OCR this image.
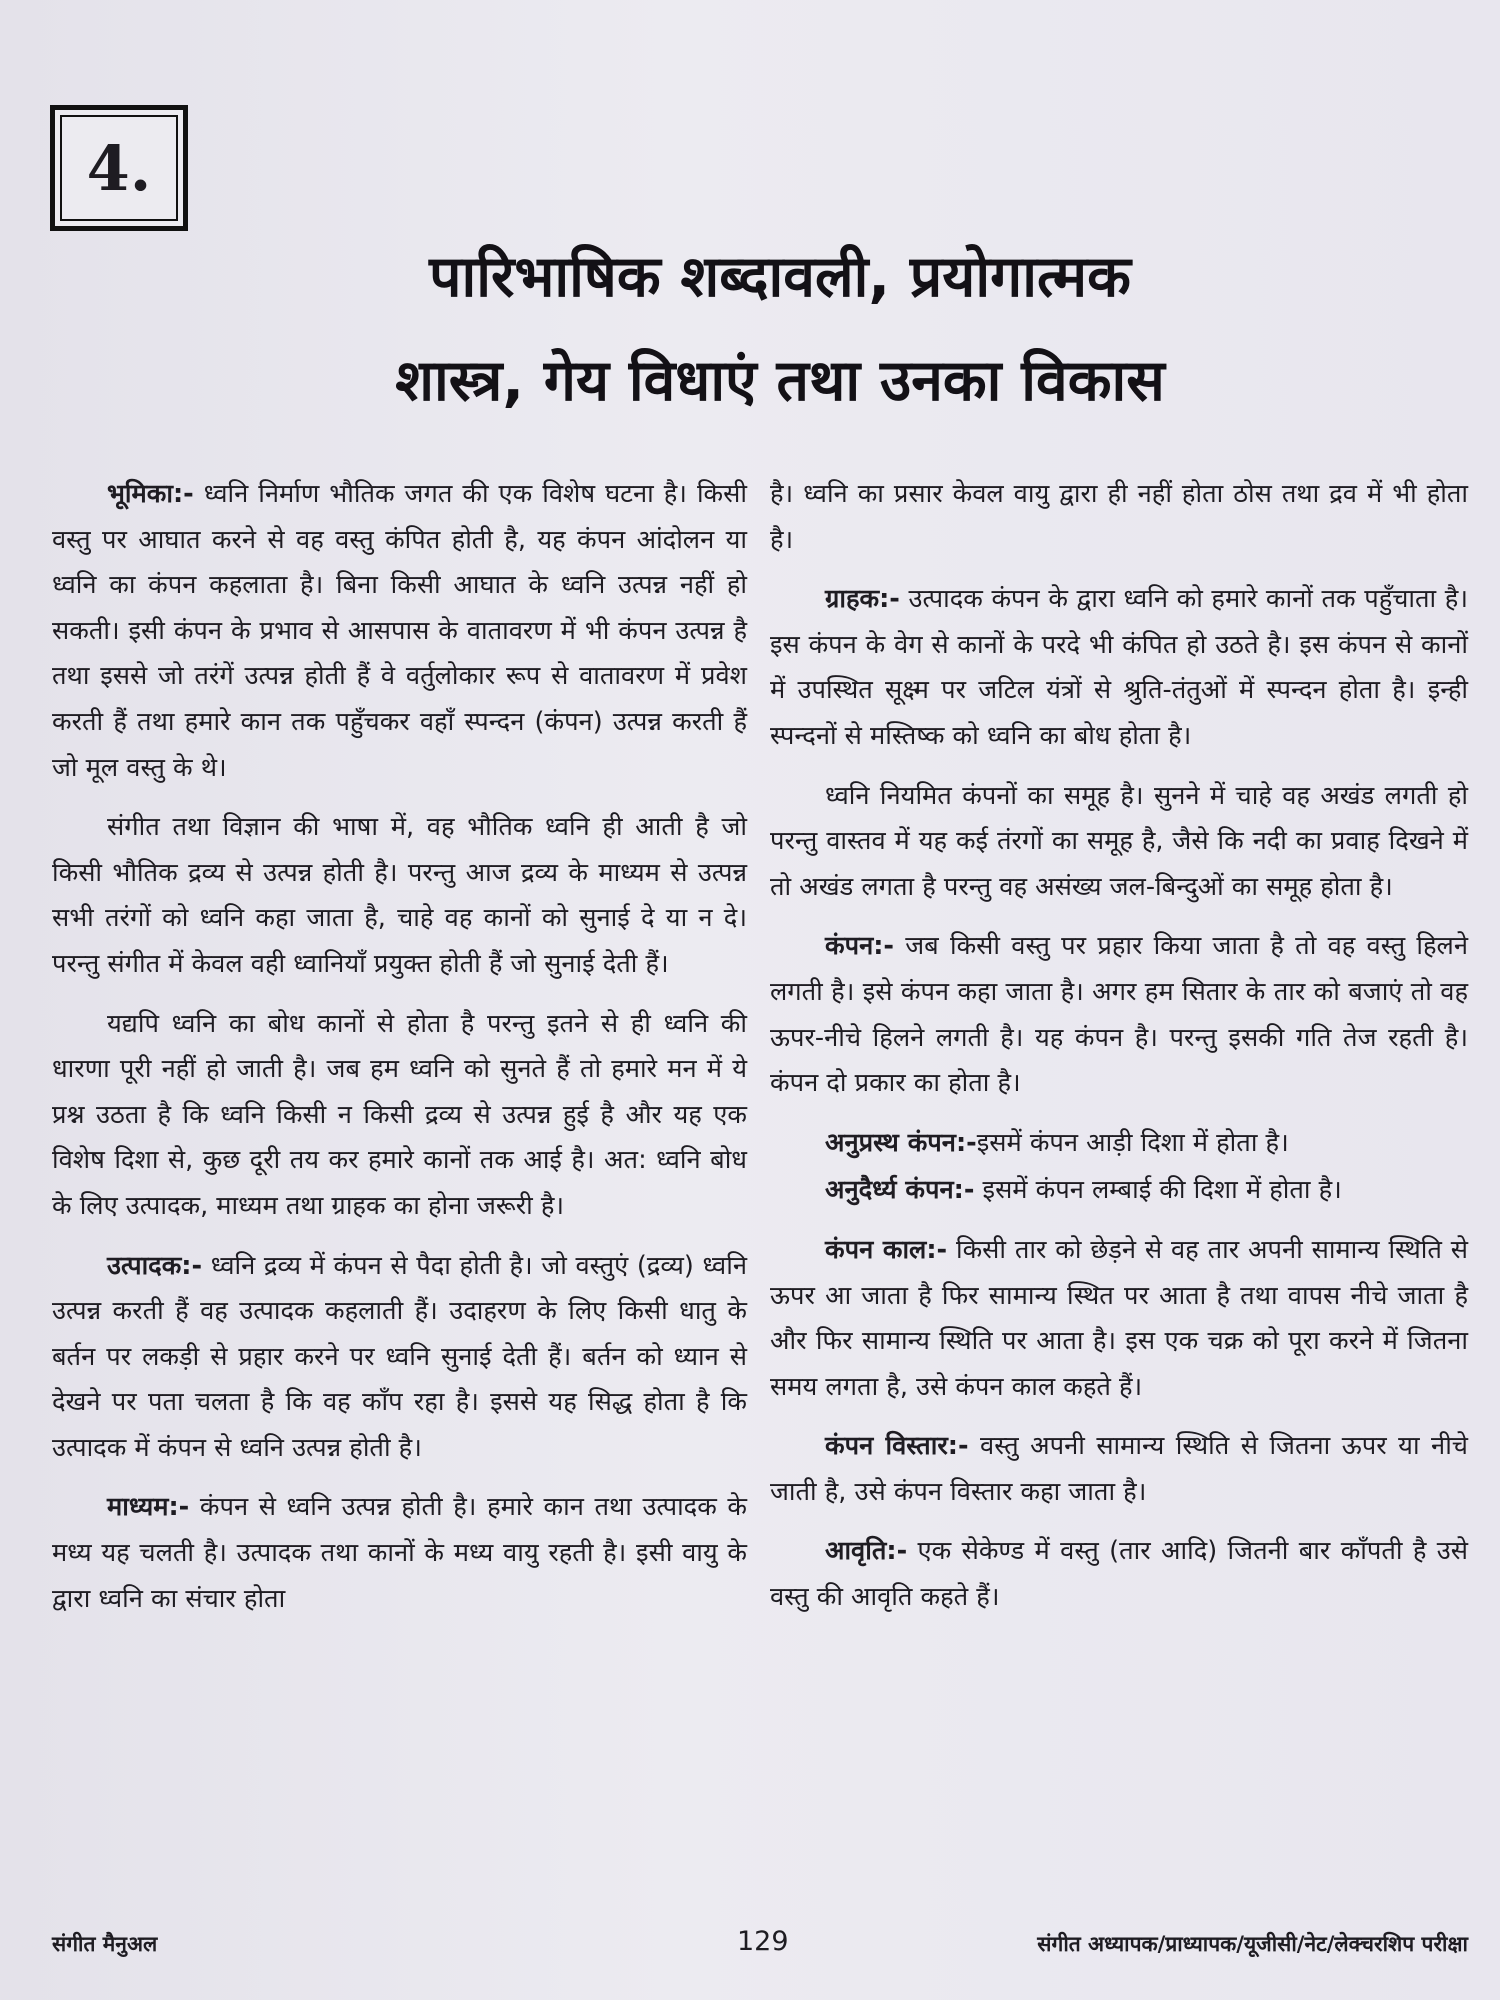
4.
पारिभाषिक शब्दावली, प्रयोगात्मक
शास्त्र, गेय विधाएं तथा उनका विकास

भूमिका:- ध्वनि निर्माण भौतिक जगत की एक विशेष घटना है। किसी वस्तु पर आघात करने से वह वस्तु कंपित होती है, यह कंपन आंदोलन या ध्वनि का कंपन कहलाता है। बिना किसी आघात के ध्वनि उत्पन्न नहीं हो सकती। इसी कंपन के प्रभाव से आसपास के वातावरण में भी कंपन उत्पन्न है तथा इससे जो तरंगें उत्पन्न होती हैं वे वर्तुलोकार रूप से वातावरण में प्रवेश करती हैं तथा हमारे कान तक पहुँचकर वहाँ स्पन्दन (कंपन) उत्पन्न करती हैं जो मूल वस्तु के थे।

संगीत तथा विज्ञान की भाषा में, वह भौतिक ध्वनि ही आती है जो किसी भौतिक द्रव्य से उत्पन्न होती है। परन्तु आज द्रव्य के माध्यम से उत्पन्न सभी तरंगों को ध्वनि कहा जाता है, चाहे वह कानों को सुनाई दे या न दे। परन्तु संगीत में केवल वही ध्वानियाँ प्रयुक्त होती हैं जो सुनाई देती हैं।

यद्यपि ध्वनि का बोध कानों से होता है परन्तु इतने से ही ध्वनि की धारणा पूरी नहीं हो जाती है। जब हम ध्वनि को सुनते हैं तो हमारे मन में ये प्रश्न उठता है कि ध्वनि किसी न किसी द्रव्य से उत्पन्न हुई है और यह एक विशेष दिशा से, कुछ दूरी तय कर हमारे कानों तक आई है। अत: ध्वनि बोध के लिए उत्पादक, माध्यम तथा ग्राहक का होना जरूरी है।

उत्पादक:- ध्वनि द्रव्य में कंपन से पैदा होती है। जो वस्तुएं (द्रव्य) ध्वनि उत्पन्न करती हैं वह उत्पादक कहलाती हैं। उदाहरण के लिए किसी धातु के बर्तन पर लकड़ी से प्रहार करने पर ध्वनि सुनाई देती हैं। बर्तन को ध्यान से देखने पर पता चलता है कि वह काँप रहा है। इससे यह सिद्ध होता है कि उत्पादक में कंपन से ध्वनि उत्पन्न होती है।

माध्यम:- कंपन से ध्वनि उत्पन्न होती है। हमारे कान तथा उत्पादक के मध्य यह चलती है। उत्पादक तथा कानों के मध्य वायु रहती है। इसी वायु के द्वारा ध्वनि का संचार होता

है। ध्वनि का प्रसार केवल वायु द्वारा ही नहीं होता ठोस तथा द्रव में भी होता है।

ग्राहक:- उत्पादक कंपन के द्वारा ध्वनि को हमारे कानों तक पहुँचाता है। इस कंपन के वेग से कानों के परदे भी कंपित हो उठते है। इस कंपन से कानों में उपस्थित सूक्ष्म पर जटिल यंत्रों से श्रुति-तंतुओं में स्पन्दन होता है। इन्ही स्पन्दनों से मस्तिष्क को ध्वनि का बोध होता है।

ध्वनि नियमित कंपनों का समूह है। सुनने में चाहे वह अखंड लगती हो परन्तु वास्तव में यह कई तंरगों का समूह है, जैसे कि नदी का प्रवाह दिखने में तो अखंड लगता है परन्तु वह असंख्य जल-बिन्दुओं का समूह होता है।

कंपन:- जब किसी वस्तु पर प्रहार किया जाता है तो वह वस्तु हिलने लगती है। इसे कंपन कहा जाता है। अगर हम सितार के तार को बजाएं तो वह ऊपर-नीचे हिलने लगती है। यह कंपन है। परन्तु इसकी गति तेज रहती है। कंपन दो प्रकार का होता है।

अनुप्रस्थ कंपन:-इसमें कंपन आड़ी दिशा में होता है।

अनुदैर्ध्य कंपन:- इसमें कंपन लम्बाई की दिशा में होता है।

कंपन काल:- किसी तार को छेड़ने से वह तार अपनी सामान्य स्थिति से ऊपर आ जाता है फिर सामान्य स्थित पर आता है तथा वापस नीचे जाता है और फिर सामान्य स्थिति पर आता है। इस एक चक्र को पूरा करने में जितना समय लगता है, उसे कंपन काल कहते हैं।

कंपन विस्तार:- वस्तु अपनी सामान्य स्थिति से जितना ऊपर या नीचे जाती है, उसे कंपन विस्तार कहा जाता है।

आवृति:- एक सेकेण्ड में वस्तु (तार आदि) जितनी बार काँपती है उसे वस्तु की आवृति कहते हैं।

संगीत मैनुअल	129	संगीत अध्यापक/प्राध्यापक/यूजीसी/नेट/लेक्चरशिप परीक्षा
